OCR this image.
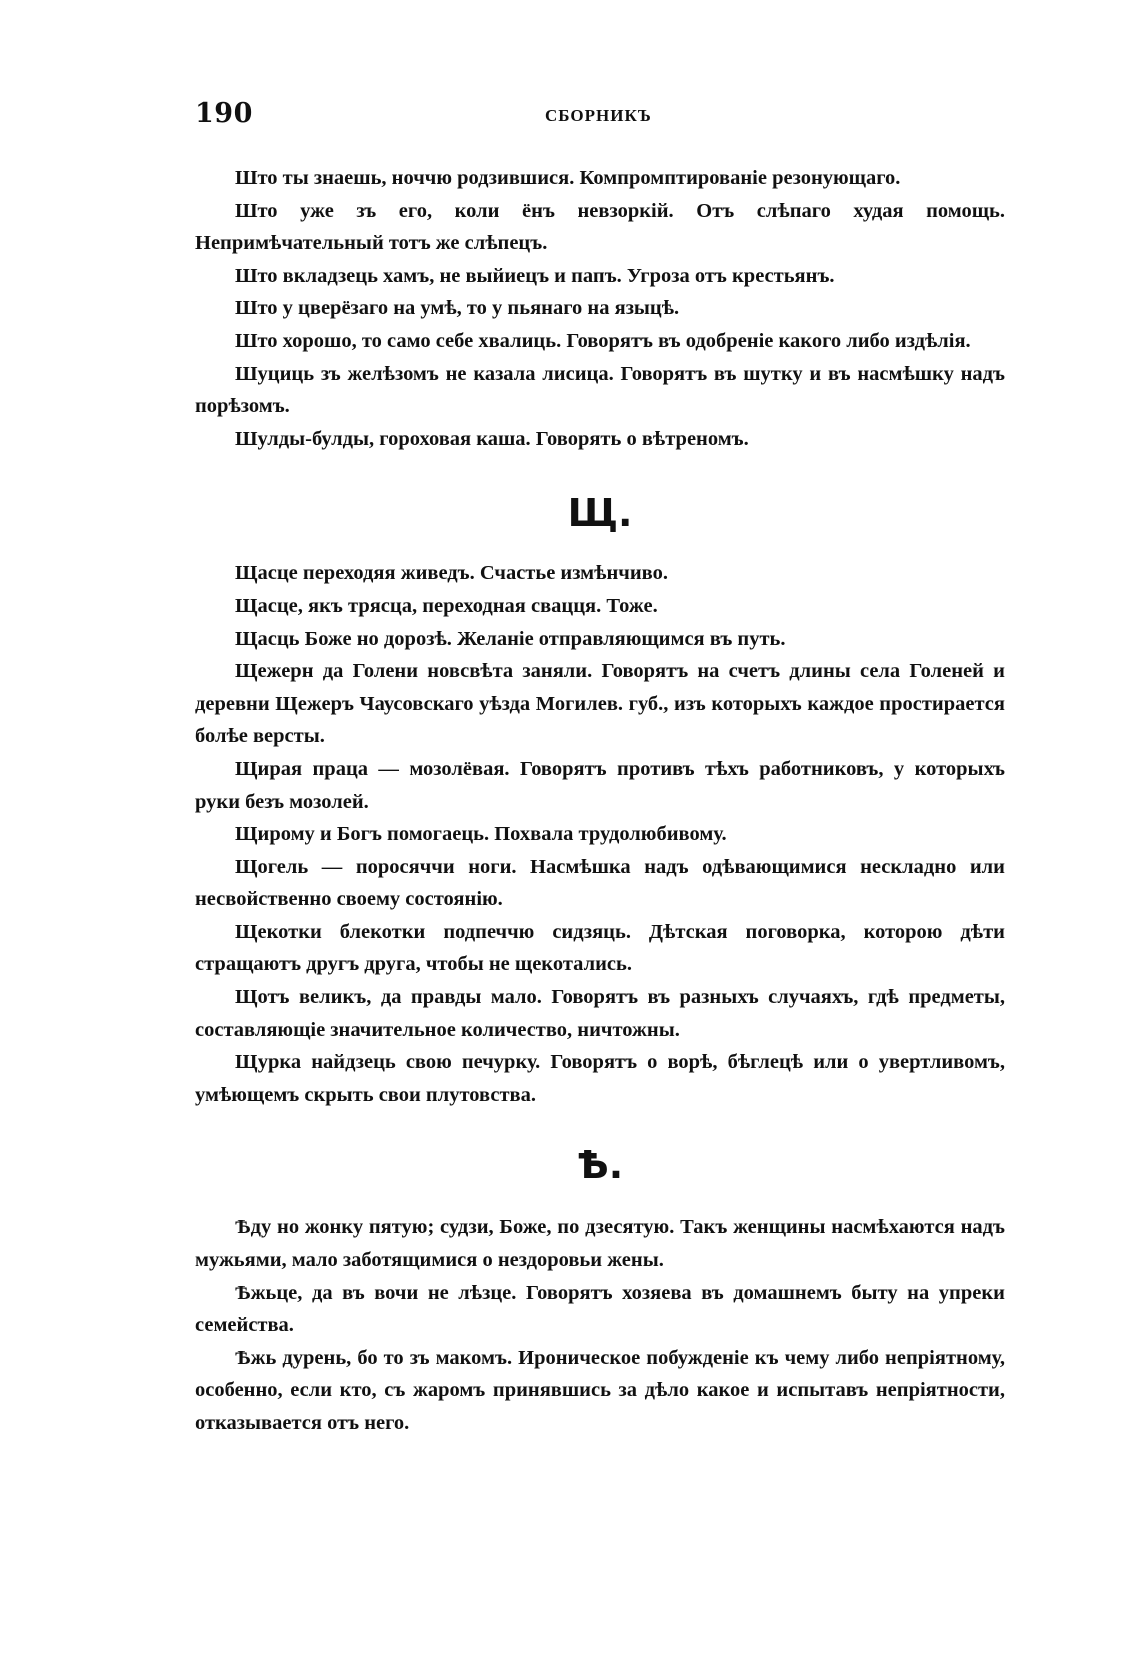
190	СБОРНИКЪ

Што ты знаешь, ноччю родзившися. Компромптированіе резонующаго.

Што уже зъ его, коли ёнъ невзоркій. Отъ слѣпаго худая помощь. Непримѣчательный тотъ же слѣпецъ.

Што вкладзець хамъ, не выйиецъ и папъ. Угроза отъ крестьянъ.

Што у цверёзаго на умѣ, то у пьянаго на языцѣ.

Што хорошо, то само себе хвалиць. Говорятъ въ одобреніе какого либо издѣлія.

Шуциць зъ желѣзомъ не казала лисица. Говорятъ въ шутку и въ насмѣшку надъ порѣзомъ.

Шулды-булды, гороховая каша. Говорять о вѣтреномъ.

Щ.

Щасце переходяя живедъ. Счастье измѣнчиво.

Щасце, якъ трясца, переходная свацця. Тоже.

Щасць Боже но дорозѣ. Желаніе отправляющимся въ путь.

Щежерн да Голени новсвѣта заняли. Говорятъ на счетъ длины села Голеней и деревни Щежеръ Чаусовскаго уѣзда Могилев. губ., изъ которыхъ каждое простирается болѣе версты.

Щирая праца — мозолёвая. Говорятъ противъ тѣхъ работниковъ, у которыхъ руки безъ мозолей.

Щирому и Богъ помогаець. Похвала трудолюбивому.

Щогель — поросяччи ноги. Насмѣшка надъ одѣвающимися нескладно или несвойственно своему состоянію.

Щекотки блекотки подпеччю сидзяць. Дѣтская поговорка, которою дѣти стращаютъ другъ друга, чтобы не щекотались.

Щотъ великъ, да правды мало. Говорятъ въ разныхъ случаяхъ, гдѣ предметы, составляющіе значительное количество, ничтожны.

Щурка найдзець свою печурку. Говорятъ о ворѣ, бѣглецѣ или о увертливомъ, умѣющемъ скрыть свои плутовства.

Ѣ.

Ѣду но жонку пятую; судзи, Боже, по дзесятую. Такъ женщины насмѣхаются надъ мужьями, мало заботящимися о нездоровьи жены.

Ѣжьце, да въ вочи не лѣзце. Говорятъ хозяева въ домашнемъ быту на упреки семейства.

Ѣжь дурень, бо то зъ макомъ. Ироническое побужденіе къ чему либо непріятному, особенно, если кто, съ жаромъ принявшись за дѣло какое и испытавъ непріятности, отказывается отъ него.
